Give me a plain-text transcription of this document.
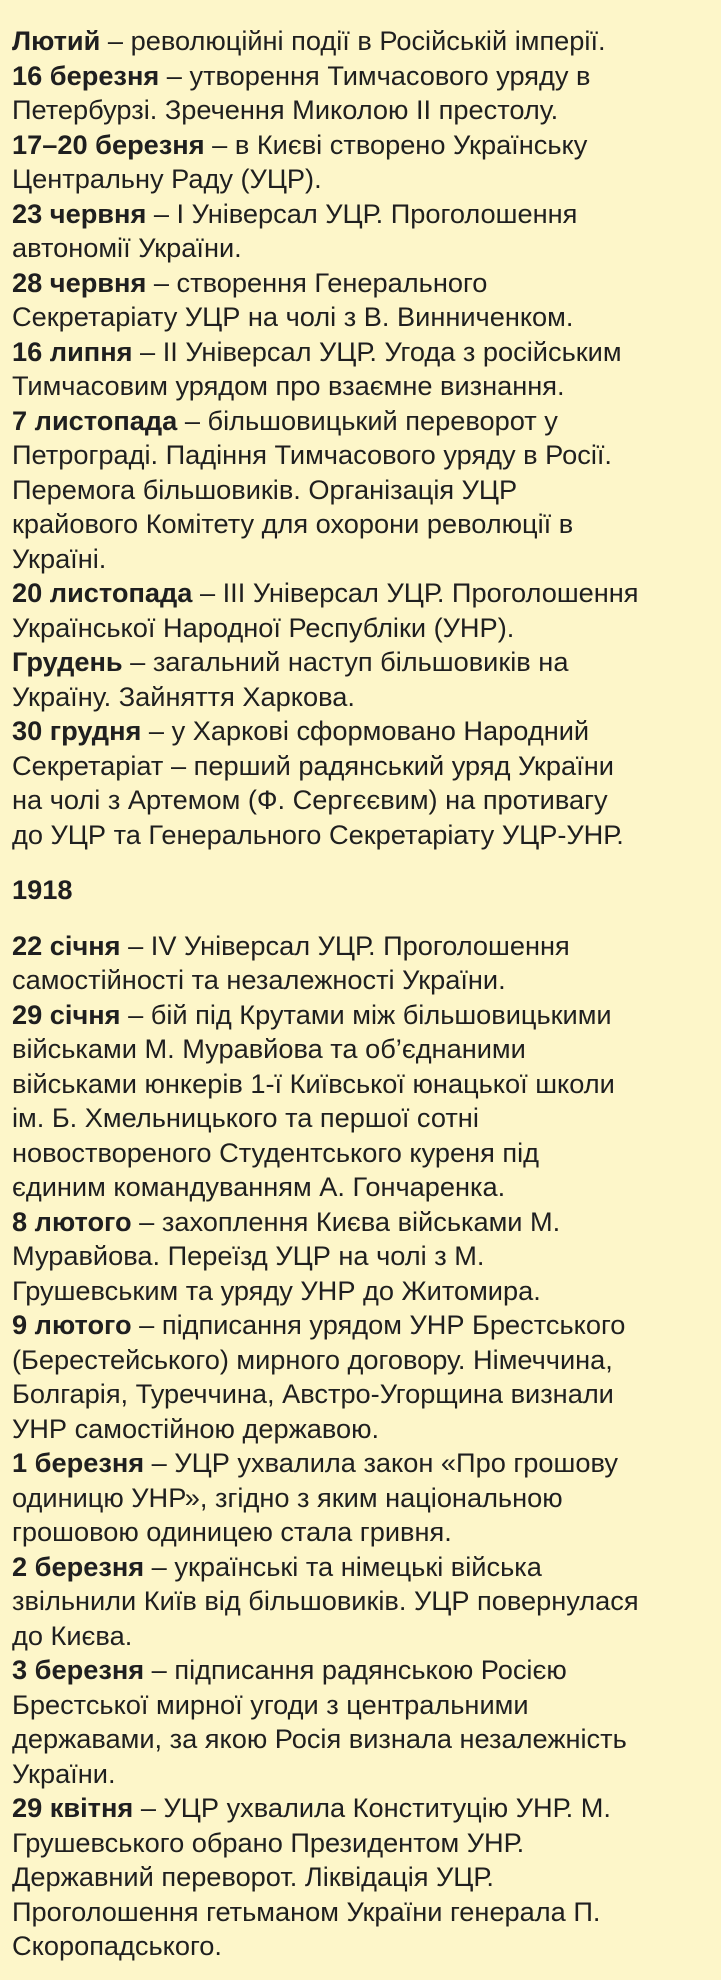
Лютий – революційні події в Російській імперії.

16 березня – утворення Тимчасового уряду в

Петербурзі. Зречення Миколою ІІ престолу.

17–20 березня – в Києві створено Українську

Центральну Раду (УЦР).

23 червня – І Універсал УЦР. Проголошення

автономії України.

28 червня – створення Генерального

Секретаріату УЦР на чолі з В. Винниченком.

16 липня – ІІ Універсал УЦР. Угода з російським

Тимчасовим урядом про взаємне визнання.

7 листопада – більшовицький переворот у

Петрограді. Падіння Тимчасового уряду в Росії.

Перемога більшовиків. Організація УЦР

крайового Комітету для охорони революції в

Україні.

20 листопада – ІІІ Універсал УЦР. Проголошення

Української Народної Республіки (УНР).

Грудень – загальний наступ більшовиків на

Україну. Зайняття Харкова.

30 грудня – у Харкові сформовано Народний

Секретаріат – перший радянський уряд України

на чолі з Артемом (Ф. Сергєєвим) на противагу

до УЦР та Генерального Секретаріату УЦР-УНР.

1918

22 січня – IV Універсал УЦР. Проголошення

самостійності та незалежності України.

29 січня – бій під Крутами між більшовицькими

військами М. Муравйова та об’єднаними

військами юнкерів 1-ї Київської юнацької школи

ім. Б. Хмельницького та першої сотні

новоствореного Студентського куреня під

єдиним командуванням А. Гончаренка.

8 лютого – захоплення Києва військами М.

Муравйова. Переїзд УЦР на чолі з М.

Грушевським та уряду УНР до Житомира.

9 лютого – підписання урядом УНР Брестського

(Берестейського) мирного договору. Німеччина,

Болгарія, Туреччина, Австро-Угорщина визнали

УНР самостійною державою.

1 березня – УЦР ухвалила закон «Про грошову

одиницю УНР», згідно з яким національною

грошовою одиницею стала гривня.

2 березня – українські та німецькі війська

звільнили Київ від більшовиків. УЦР повернулася

до Києва.

3 березня – підписання радянською Росією

Брестської мирної угоди з центральними

державами, за якою Росія визнала незалежність

України.

29 квітня – УЦР ухвалила Конституцію УНР. М.

Грушевського обрано Президентом УНР.

Державний переворот. Ліквідація УЦР.

Проголошення гетьманом України генерала П.

Скоропадського.
